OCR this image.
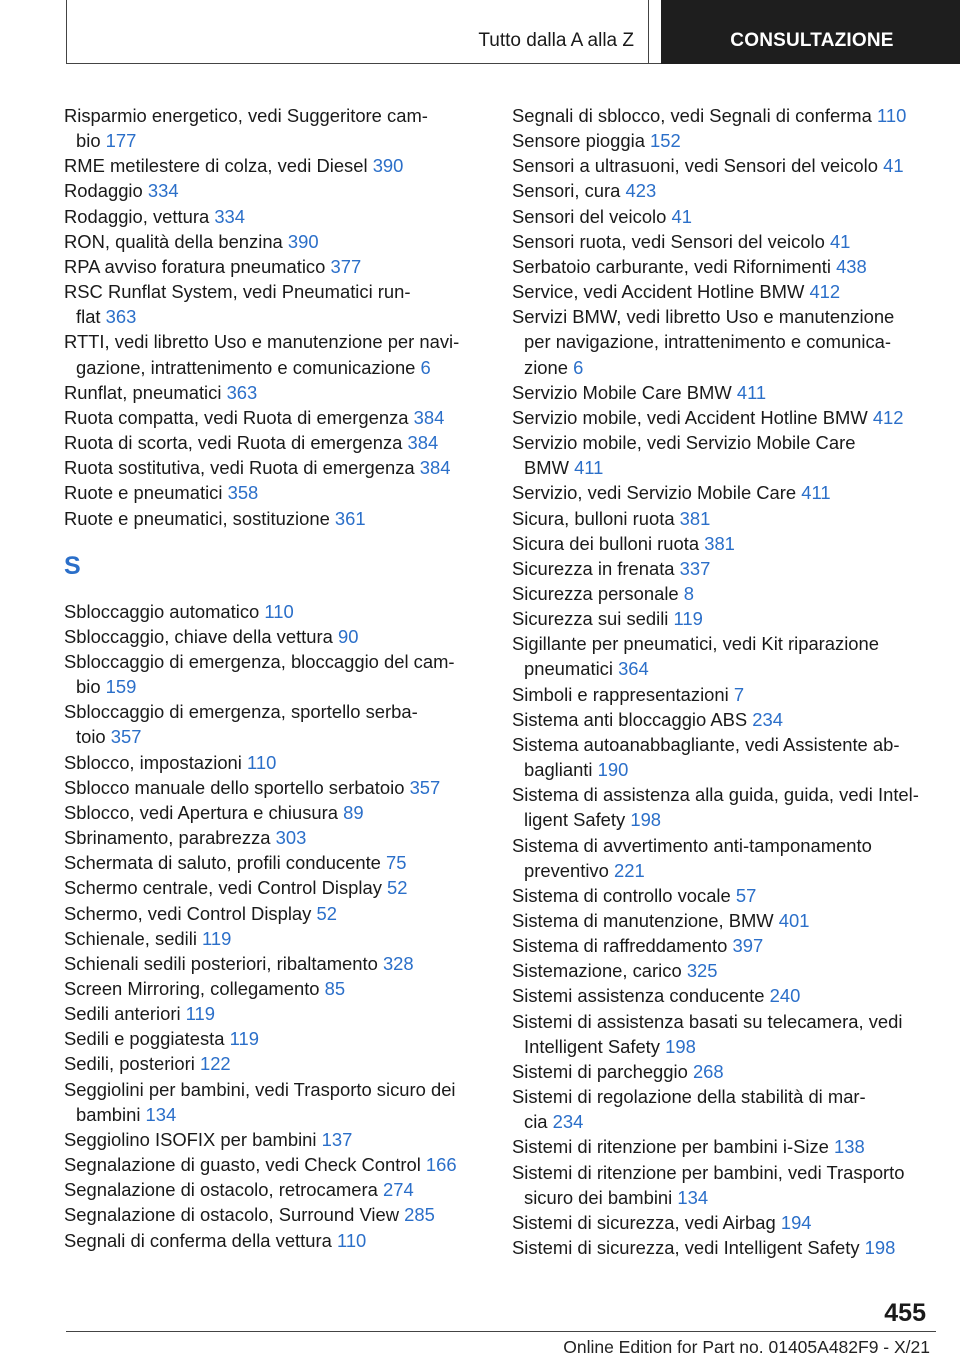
Tutto dalla A alla Z	CONSULTAZIONE
Risparmio energetico, vedi Suggeritore cam-
bio 177
RME metilestere di colza, vedi Diesel 390
Rodaggio 334
Rodaggio, vettura 334
RON, qualità della benzina 390
RPA avviso foratura pneumatico 377
RSC Runflat System, vedi Pneumatici run-
flat 363
RTTI, vedi libretto Uso e manutenzione per navi-
gazione, intrattenimento e comunicazione 6
Runflat, pneumatici 363
Ruota compatta, vedi Ruota di emergenza 384
Ruota di scorta, vedi Ruota di emergenza 384
Ruota sostitutiva, vedi Ruota di emergenza 384
Ruote e pneumatici 358
Ruote e pneumatici, sostituzione 361
S
Sbloccaggio automatico 110
Sbloccaggio, chiave della vettura 90
Sbloccaggio di emergenza, bloccaggio del cam-
bio 159
Sbloccaggio di emergenza, sportello serba-
toio 357
Sblocco, impostazioni 110
Sblocco manuale dello sportello serbatoio 357
Sblocco, vedi Apertura e chiusura 89
Sbrinamento, parabrezza 303
Schermata di saluto, profili conducente 75
Schermo centrale, vedi Control Display 52
Schermo, vedi Control Display 52
Schienale, sedili 119
Schienali sedili posteriori, ribaltamento 328
Screen Mirroring, collegamento 85
Sedili anteriori 119
Sedili e poggiatesta 119
Sedili, posteriori 122
Seggiolini per bambini, vedi Trasporto sicuro dei
bambini 134
Seggiolino ISOFIX per bambini 137
Segnalazione di guasto, vedi Check Control 166
Segnalazione di ostacolo, retrocamera 274
Segnalazione di ostacolo, Surround View 285
Segnali di conferma della vettura 110
Segnali di sblocco, vedi Segnali di conferma 110
Sensore pioggia 152
Sensori a ultrasuoni, vedi Sensori del veicolo 41
Sensori, cura 423
Sensori del veicolo 41
Sensori ruota, vedi Sensori del veicolo 41
Serbatoio carburante, vedi Rifornimenti 438
Service, vedi Accident Hotline BMW 412
Servizi BMW, vedi libretto Uso e manutenzione
per navigazione, intrattenimento e comunica-
zione 6
Servizio Mobile Care BMW 411
Servizio mobile, vedi Accident Hotline BMW 412
Servizio mobile, vedi Servizio Mobile Care
BMW 411
Servizio, vedi Servizio Mobile Care 411
Sicura, bulloni ruota 381
Sicura dei bulloni ruota 381
Sicurezza in frenata 337
Sicurezza personale 8
Sicurezza sui sedili 119
Sigillante per pneumatici, vedi Kit riparazione
pneumatici 364
Simboli e rappresentazioni 7
Sistema anti bloccaggio ABS 234
Sistema autoanabbagliante, vedi Assistente ab-
baglianti 190
Sistema di assistenza alla guida, guida, vedi Intel-
ligent Safety 198
Sistema di avvertimento anti-tamponamento
preventivo 221
Sistema di controllo vocale 57
Sistema di manutenzione, BMW 401
Sistema di raffreddamento 397
Sistemazione, carico 325
Sistemi assistenza conducente 240
Sistemi di assistenza basati su telecamera, vedi
Intelligent Safety 198
Sistemi di parcheggio 268
Sistemi di regolazione della stabilità di mar-
cia 234
Sistemi di ritenzione per bambini i-Size 138
Sistemi di ritenzione per bambini, vedi Trasporto
sicuro dei bambini 134
Sistemi di sicurezza, vedi Airbag 194
Sistemi di sicurezza, vedi Intelligent Safety 198
455
Online Edition for Part no. 01405A482F9 - X/21
